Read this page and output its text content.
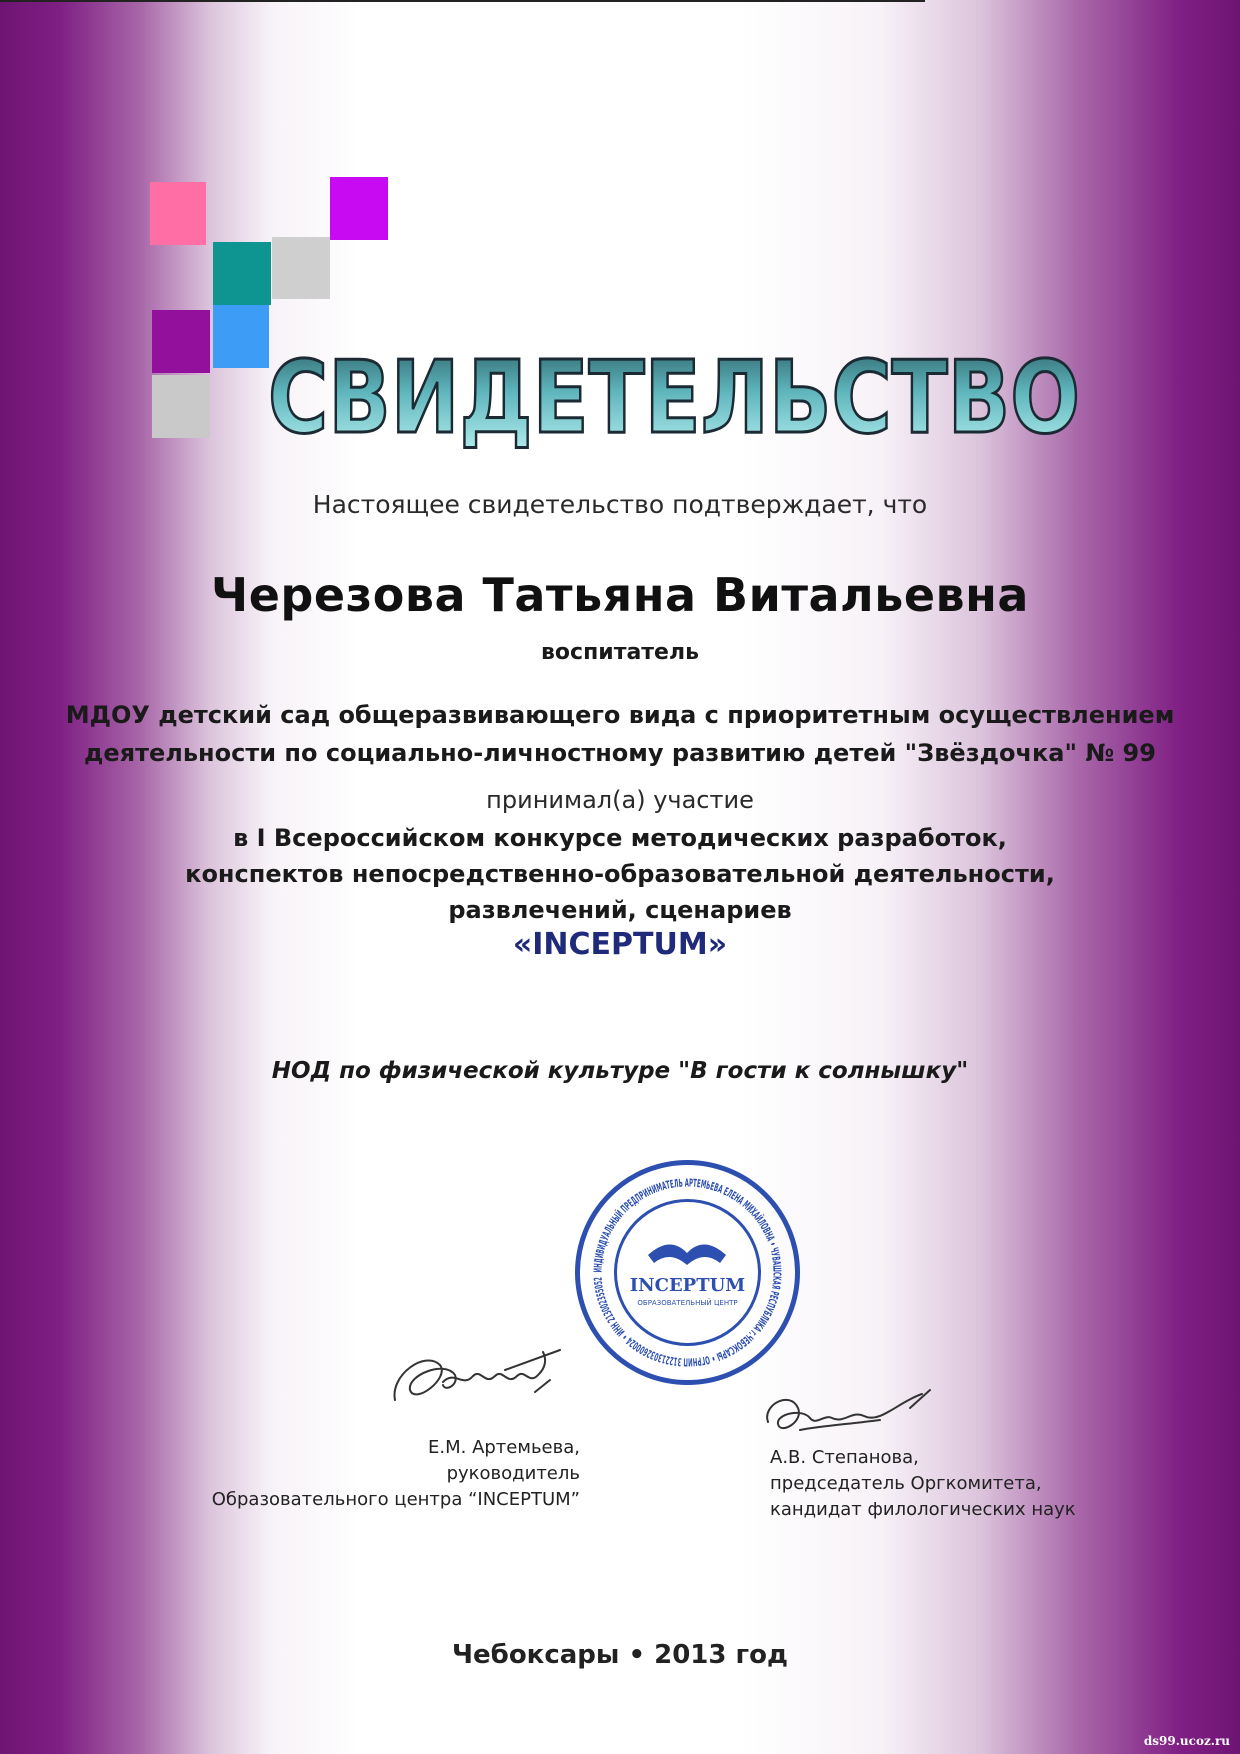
СВИДЕТЕЛЬСТВО
Настоящее свидетельство подтверждает, что
Черезова Татьяна Витальевна
воспитатель
МДОУ детский сад общеразвивающего вида с приоритетным осуществлением деятельности по социально-личностному развитию детей "Звёздочка" № 99
принимал(а) участие
в I Всероссийском конкурсе методических разработок,
конспектов непосредственно-образовательной деятельности,
развлечений, сценариев
«INCEPTUM»
НОД по физической культуре "В гости к солнышку"
ИНДИВИДУАЛЬНЫЙ ПРЕДПРИНИМАТЕЛЬ АРТЕМЬЕВА ЕЛЕНА МИХАЙЛОВНА • ЧУВАШСКАЯ РЕСПУБЛИКА г.ЧЕБОКСАРЫ • ОГРНИП 312213032600024 • ИНН 213002355052	INCEPTUM
ОБРАЗОВАТЕЛЬНЫЙ ЦЕНТР
Е.М. Артемьева,
руководитель
Образовательного центра “INCEPTUM”
А.В. Степанова,
председатель Оргкомитета,
кандидат филологических наук
Чебоксары • 2013 год
ds99.ucoz.ru
